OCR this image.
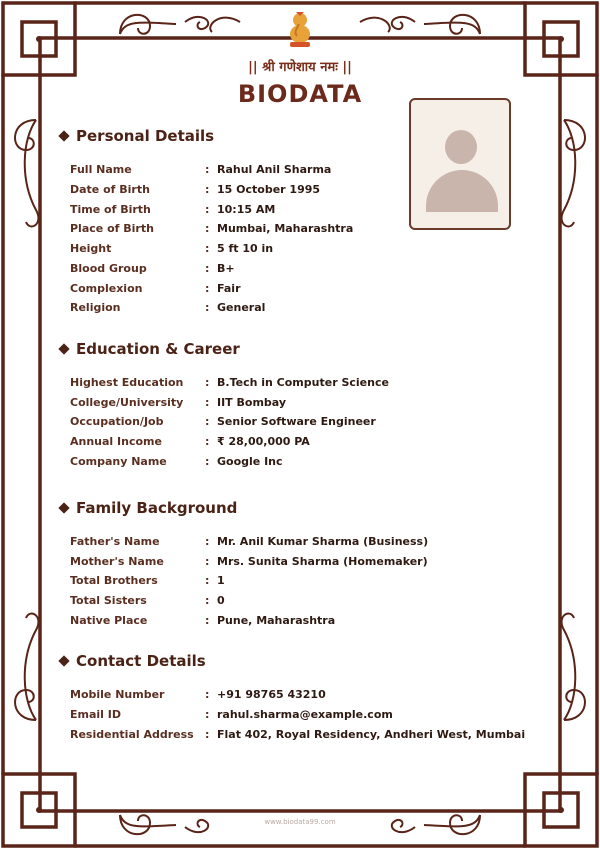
|| श्री गणेशाय नमः ||
BIODATA
Personal Details
Education & Career
Family Background
Contact Details
Full Name	: Rahul Anil Sharma
Date of Birth	: 15 October 1995
Time of Birth	: 10:15 AM
Place of Birth	: Mumbai, Maharashtra
Height	: 5 ft 10 in
Blood Group	: B+
Complexion	: Fair
Religion	: General
Highest Education	: B.Tech in Computer Science
College/University	: IIT Bombay
Occupation/Job	: Senior Software Engineer
Annual Income	: ₹ 28,00,000 PA
Company Name	: Google Inc
Father's Name	: Mr. Anil Kumar Sharma (Business)
Mother's Name	: Mrs. Sunita Sharma (Homemaker)
Total Brothers	: 1
Total Sisters	: 0
Native Place	: Pune, Maharashtra
Mobile Number	: +91 98765 43210
Email ID	: rahul.sharma@example.com
Residential Address	: Flat 402, Royal Residency, Andheri West, Mumbai
www.biodata99.com
